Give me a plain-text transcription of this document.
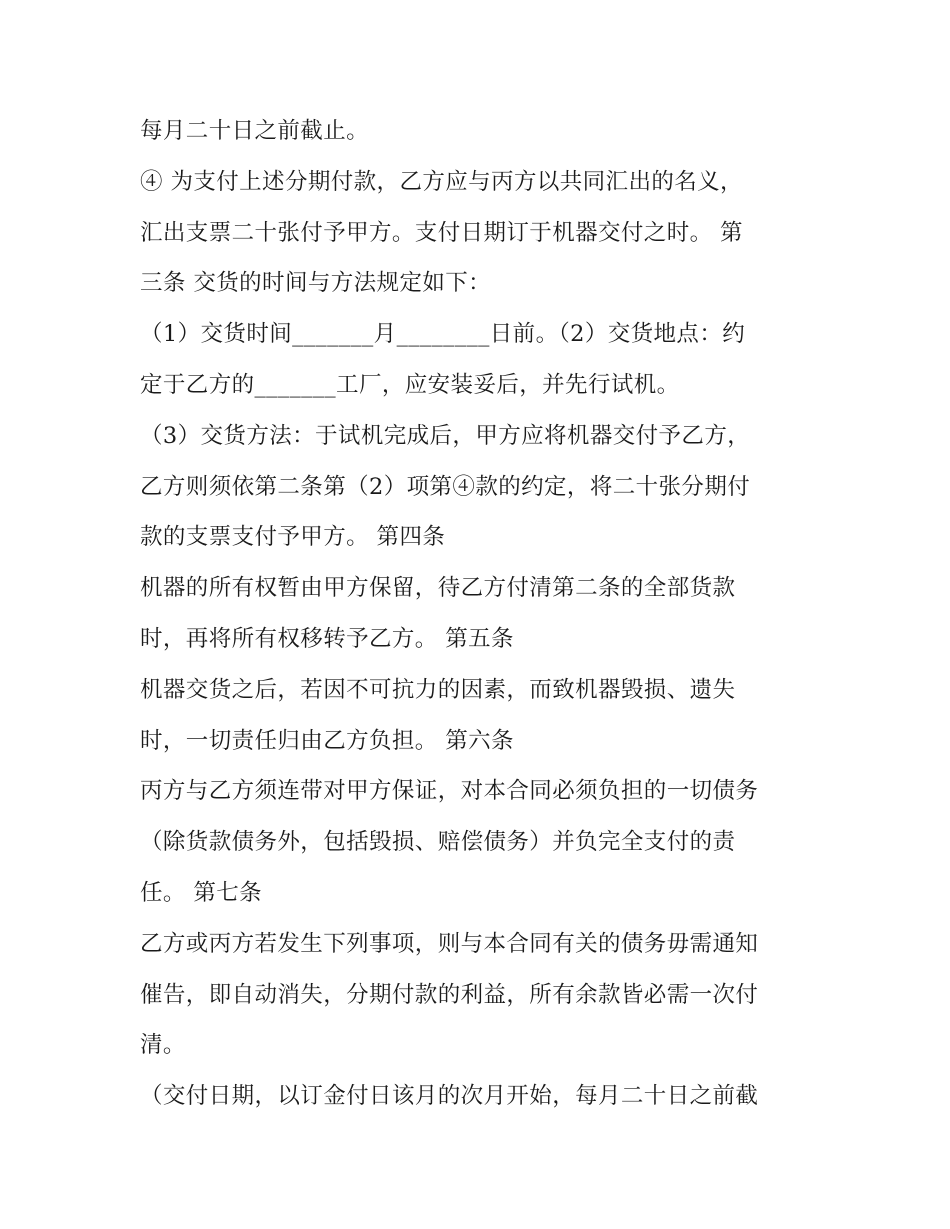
每月二十日之前截止。
④ 为支付上述分期付款，乙方应与丙方以共同汇出的名义，
汇出支票二十张付予甲方。支付日期订于机器交付之时。 第
三条 交货的时间与方法规定如下：
（1）交货时间_______月________日前。（2）交货地点：约
定于乙方的_______工厂，应安装妥后，并先行试机。
（3）交货方法：于试机完成后，甲方应将机器交付予乙方，
乙方则须依第二条第（2）项第④款的约定，将二十张分期付
款的支票支付予甲方。 第四条
机器的所有权暂由甲方保留，待乙方付清第二条的全部货款
时，再将所有权移转予乙方。 第五条
机器交货之后，若因不可抗力的因素，而致机器毁损、遗失
时，一切责任归由乙方负担。 第六条
丙方与乙方须连带对甲方保证，对本合同必须负担的一切债务
（除货款债务外，包括毁损、赔偿债务）并负完全支付的责
任。 第七条
乙方或丙方若发生下列事项，则与本合同有关的债务毋需通知
催告，即自动消失，分期付款的利益，所有余款皆必需一次付
清。
（交付日期，以订金付日该月的次月开始，每月二十日之前截
